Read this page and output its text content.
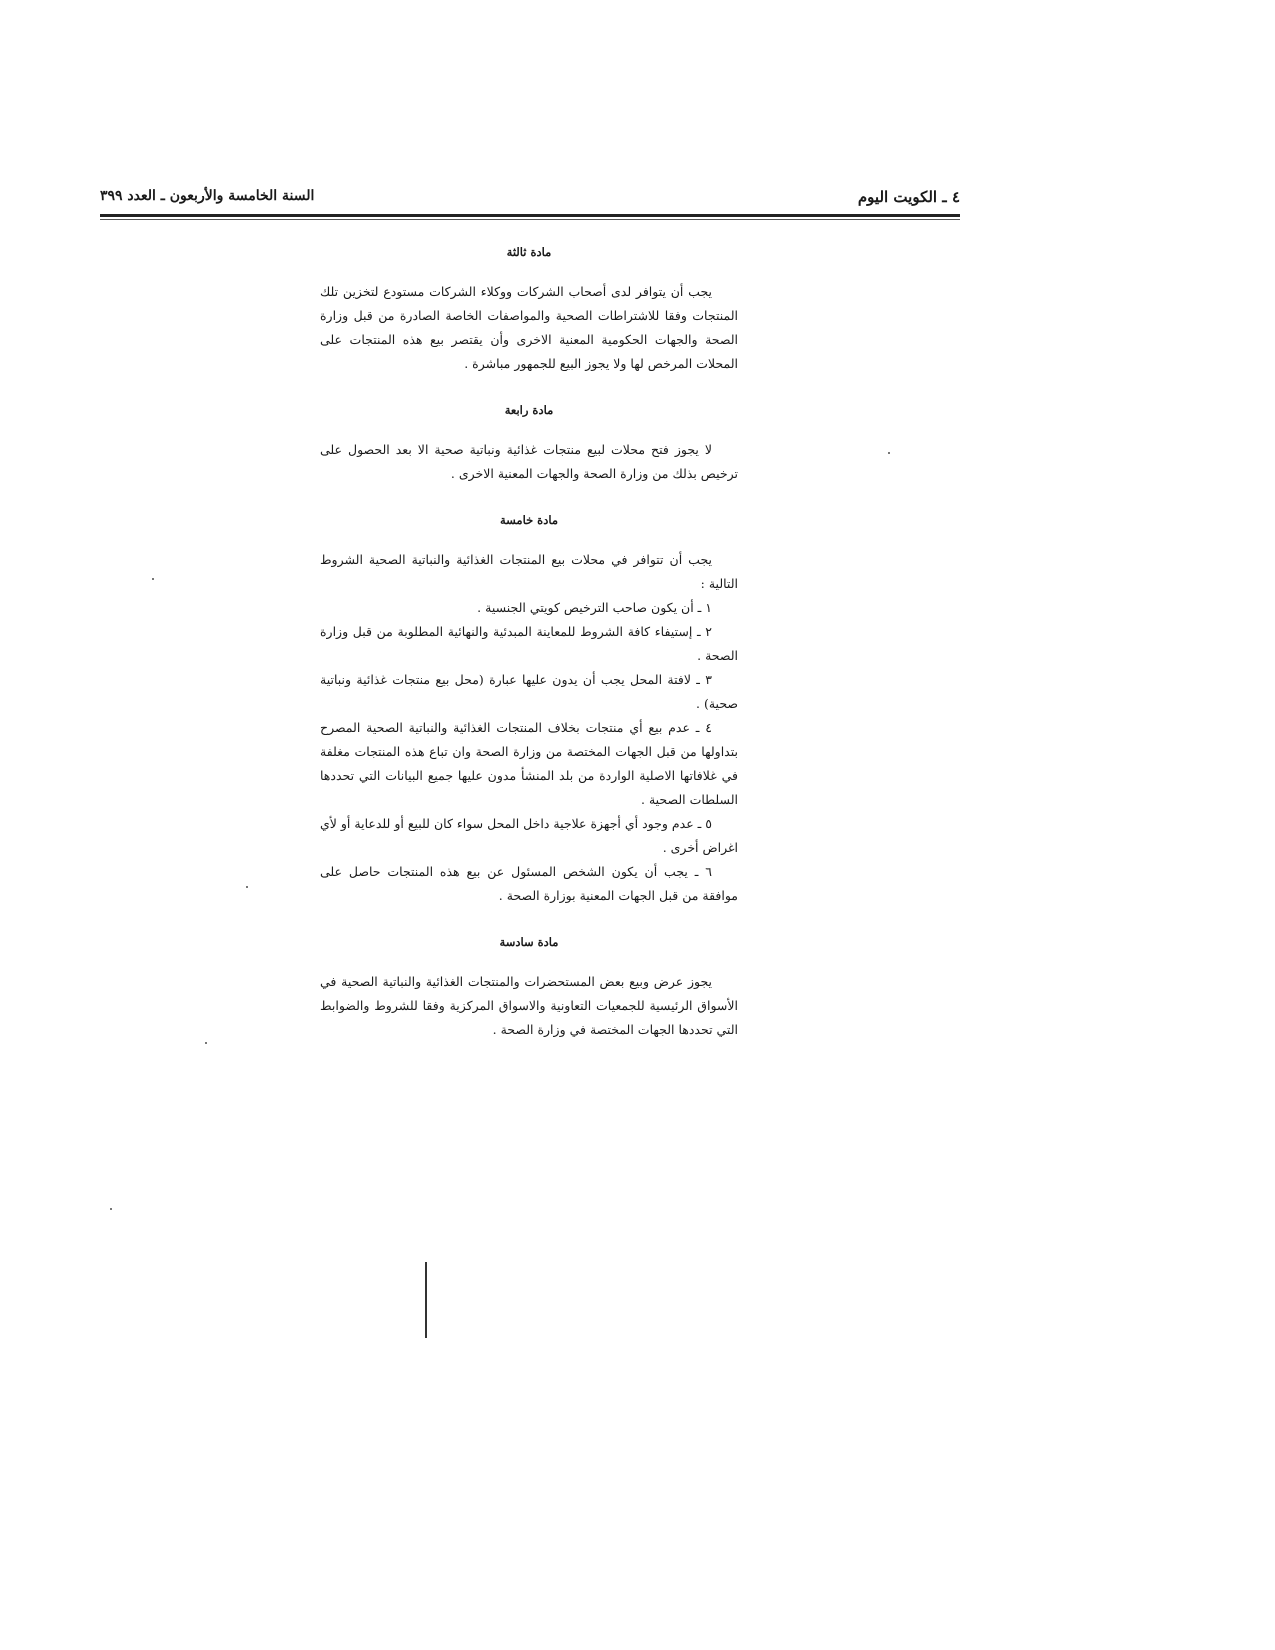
٤ ـ الكويت اليوم
السنة الخامسة والأربعون ـ العدد ٣٩٩
مادة ثالثة

يجب أن يتوافر لدى أصحاب الشركات ووكلاء الشركات مستودع لتخزين تلك المنتجات وفقا للاشتراطات الصحية والمواصفات الخاصة الصادرة من قبل وزارة الصحة والجهات الحكومية المعنية الاخرى وأن يقتصر بيع هذه المنتجات على المحلات المرخص لها ولا يجوز البيع للجمهور مباشرة .

مادة رابعة

لا يجوز فتح محلات لبيع منتجات غذائية ونباتية صحية الا بعد الحصول على ترخيص بذلك من وزارة الصحة والجهات المعنية الاخرى .

مادة خامسة

يجب أن تتوافر في محلات بيع المنتجات الغذائية والنباتية الصحية الشروط التالية :

١ ـ أن يكون صاحب الترخيص كويتي الجنسية .
٢ ـ إستيفاء كافة الشروط للمعاينة المبدئية والنهائية المطلوبة من قبل وزارة الصحة .
٣ ـ لافتة المحل يجب أن يدون عليها عبارة (محل بيع منتجات غذائية ونباتية صحية) .
٤ ـ عدم بيع أي منتجات بخلاف المنتجات الغذائية والنباتية الصحية المصرح بتداولها من قبل الجهات المختصة من وزارة الصحة وان تباع هذه المنتجات مغلفة في غلافاتها الاصلية الواردة من بلد المنشأ مدون عليها جميع البيانات التي تحددها السلطات الصحية .
٥ ـ عدم وجود أي أجهزة علاجية داخل المحل سواء كان للبيع أو للدعاية أو لأي اغراض أخرى .
٦ ـ يجب أن يكون الشخص المسئول عن بيع هذه المنتجات حاصل على موافقة من قبل الجهات المعنية بوزارة الصحة .
مادة سادسة

يجوز عرض وبيع بعض المستحضرات والمنتجات الغذائية والنباتية الصحية في الأسواق الرئيسية للجمعيات التعاونية والاسواق المركزية وفقا للشروط والضوابط التي تحددها الجهات المختصة في وزارة الصحة .
